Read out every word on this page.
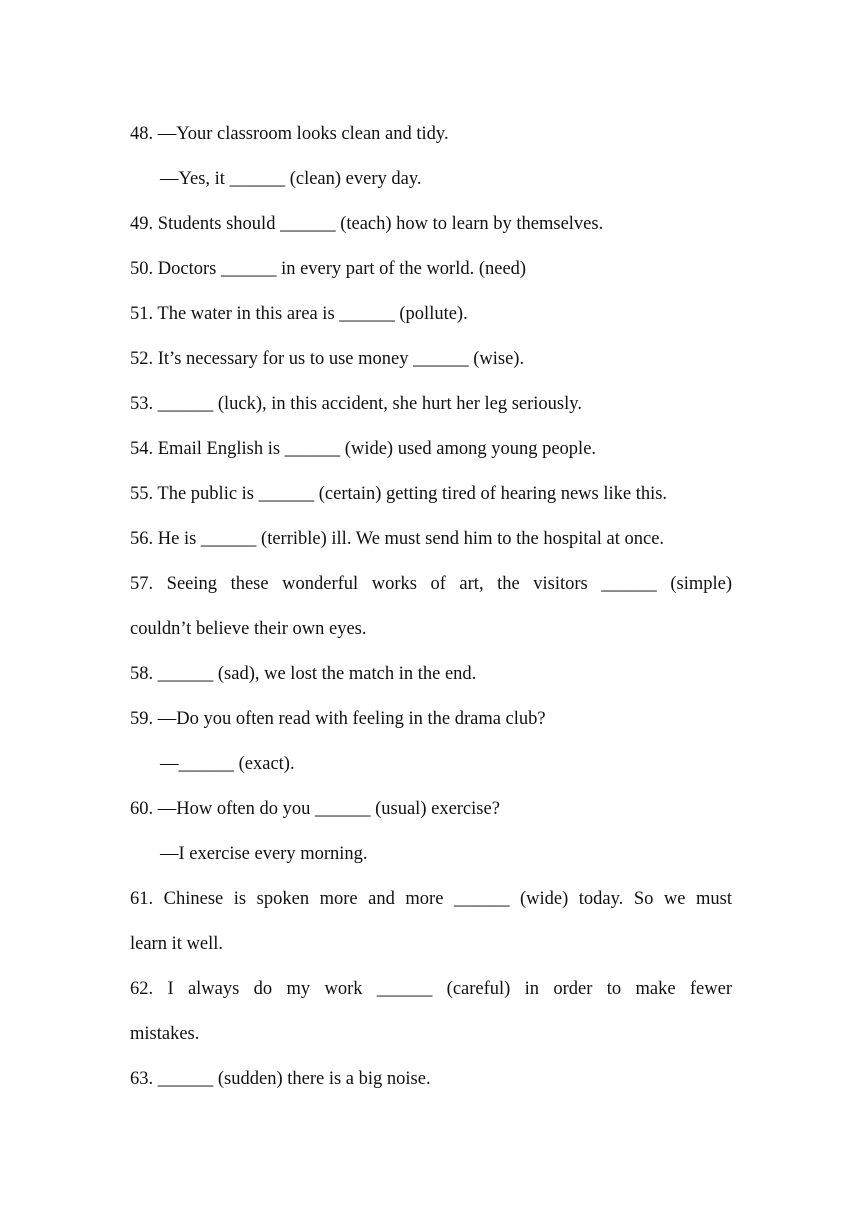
48. —Your classroom looks clean and tidy.
—Yes, it ______ (clean) every day.
49. Students should ______ (teach) how to learn by themselves.
50. Doctors ______ in every part of the world. (need)
51. The water in this area is ______ (pollute).
52. It’s necessary for us to use money ______ (wise).
53. ______ (luck), in this accident, she hurt her leg seriously.
54. Email English is ______ (wide) used among young people.
55. The public is ______ (certain) getting tired of hearing news like this.
56. He is ______ (terrible) ill. We must send him to the hospital at once.
57. Seeing these wonderful works of art, the visitors ______ (simple)
couldn’t believe their own eyes.
58. ______ (sad), we lost the match in the end.
59. —Do you often read with feeling in the drama club?
—______ (exact).
60. —How often do you ______ (usual) exercise?
—I exercise every morning.
61. Chinese is spoken more and more ______ (wide) today. So we must
learn it well.
62. I always do my work ______ (careful) in order to make fewer
mistakes.
63. ______ (sudden) there is a big noise.
